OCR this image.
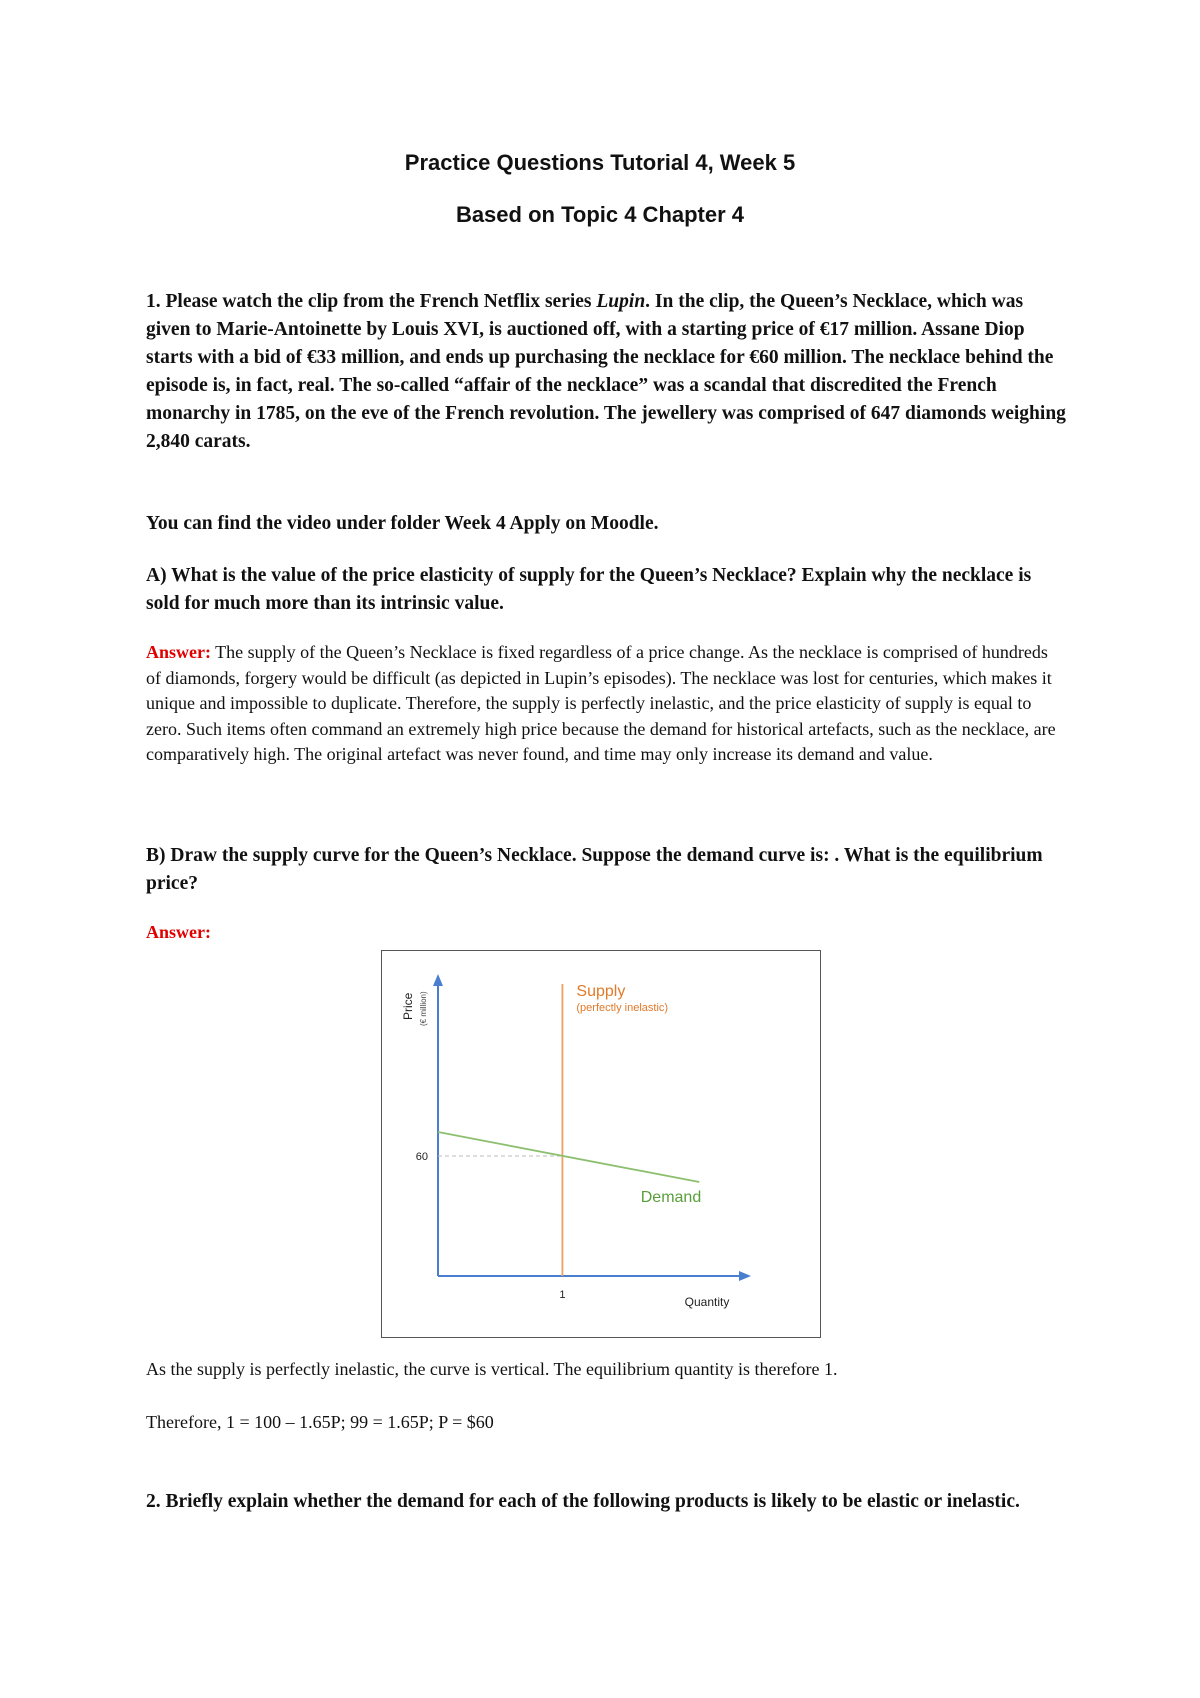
Practice Questions Tutorial 4, Week 5
Based on Topic 4 Chapter 4
1. Please watch the clip from the French Netflix series Lupin. In the clip, the Queen’s Necklace, which was given to Marie-Antoinette by Louis XVI, is auctioned off, with a starting price of €17 million. Assane Diop starts with a bid of €33 million, and ends up purchasing the necklace for €60 million. The necklace behind the episode is, in fact, real. The so-called “affair of the necklace” was a scandal that discredited the French monarchy in 1785, on the eve of the French revolution. The jewellery was comprised of 647 diamonds weighing 2,840 carats.
You can find the video under folder Week 4 Apply on Moodle.
A) What is the value of the price elasticity of supply for the Queen’s Necklace? Explain why the necklace is sold for much more than its intrinsic value.
Answer: The supply of the Queen’s Necklace is fixed regardless of a price change. As the necklace is comprised of hundreds of diamonds, forgery would be difficult (as depicted in Lupin’s episodes). The necklace was lost for centuries, which makes it unique and impossible to duplicate. Therefore, the supply is perfectly inelastic, and the price elasticity of supply is equal to zero. Such items often command an extremely high price because the demand for historical artefacts, such as the necklace, are comparatively high. The original artefact was never found, and time may only increase its demand and value.
B) Draw the supply curve for the Queen’s Necklace. Suppose the demand curve is: . What is the equilibrium price?
Answer:
60
1	Quantity
Price (€ million)	Supply
(perfectly inelastic)
Demand
As the supply is perfectly inelastic, the curve is vertical. The equilibrium quantity is therefore 1.
Therefore, 1 = 100 – 1.65P; 99 = 1.65P; P = $60
2. Briefly explain whether the demand for each of the following products is likely to be elastic or inelastic.
